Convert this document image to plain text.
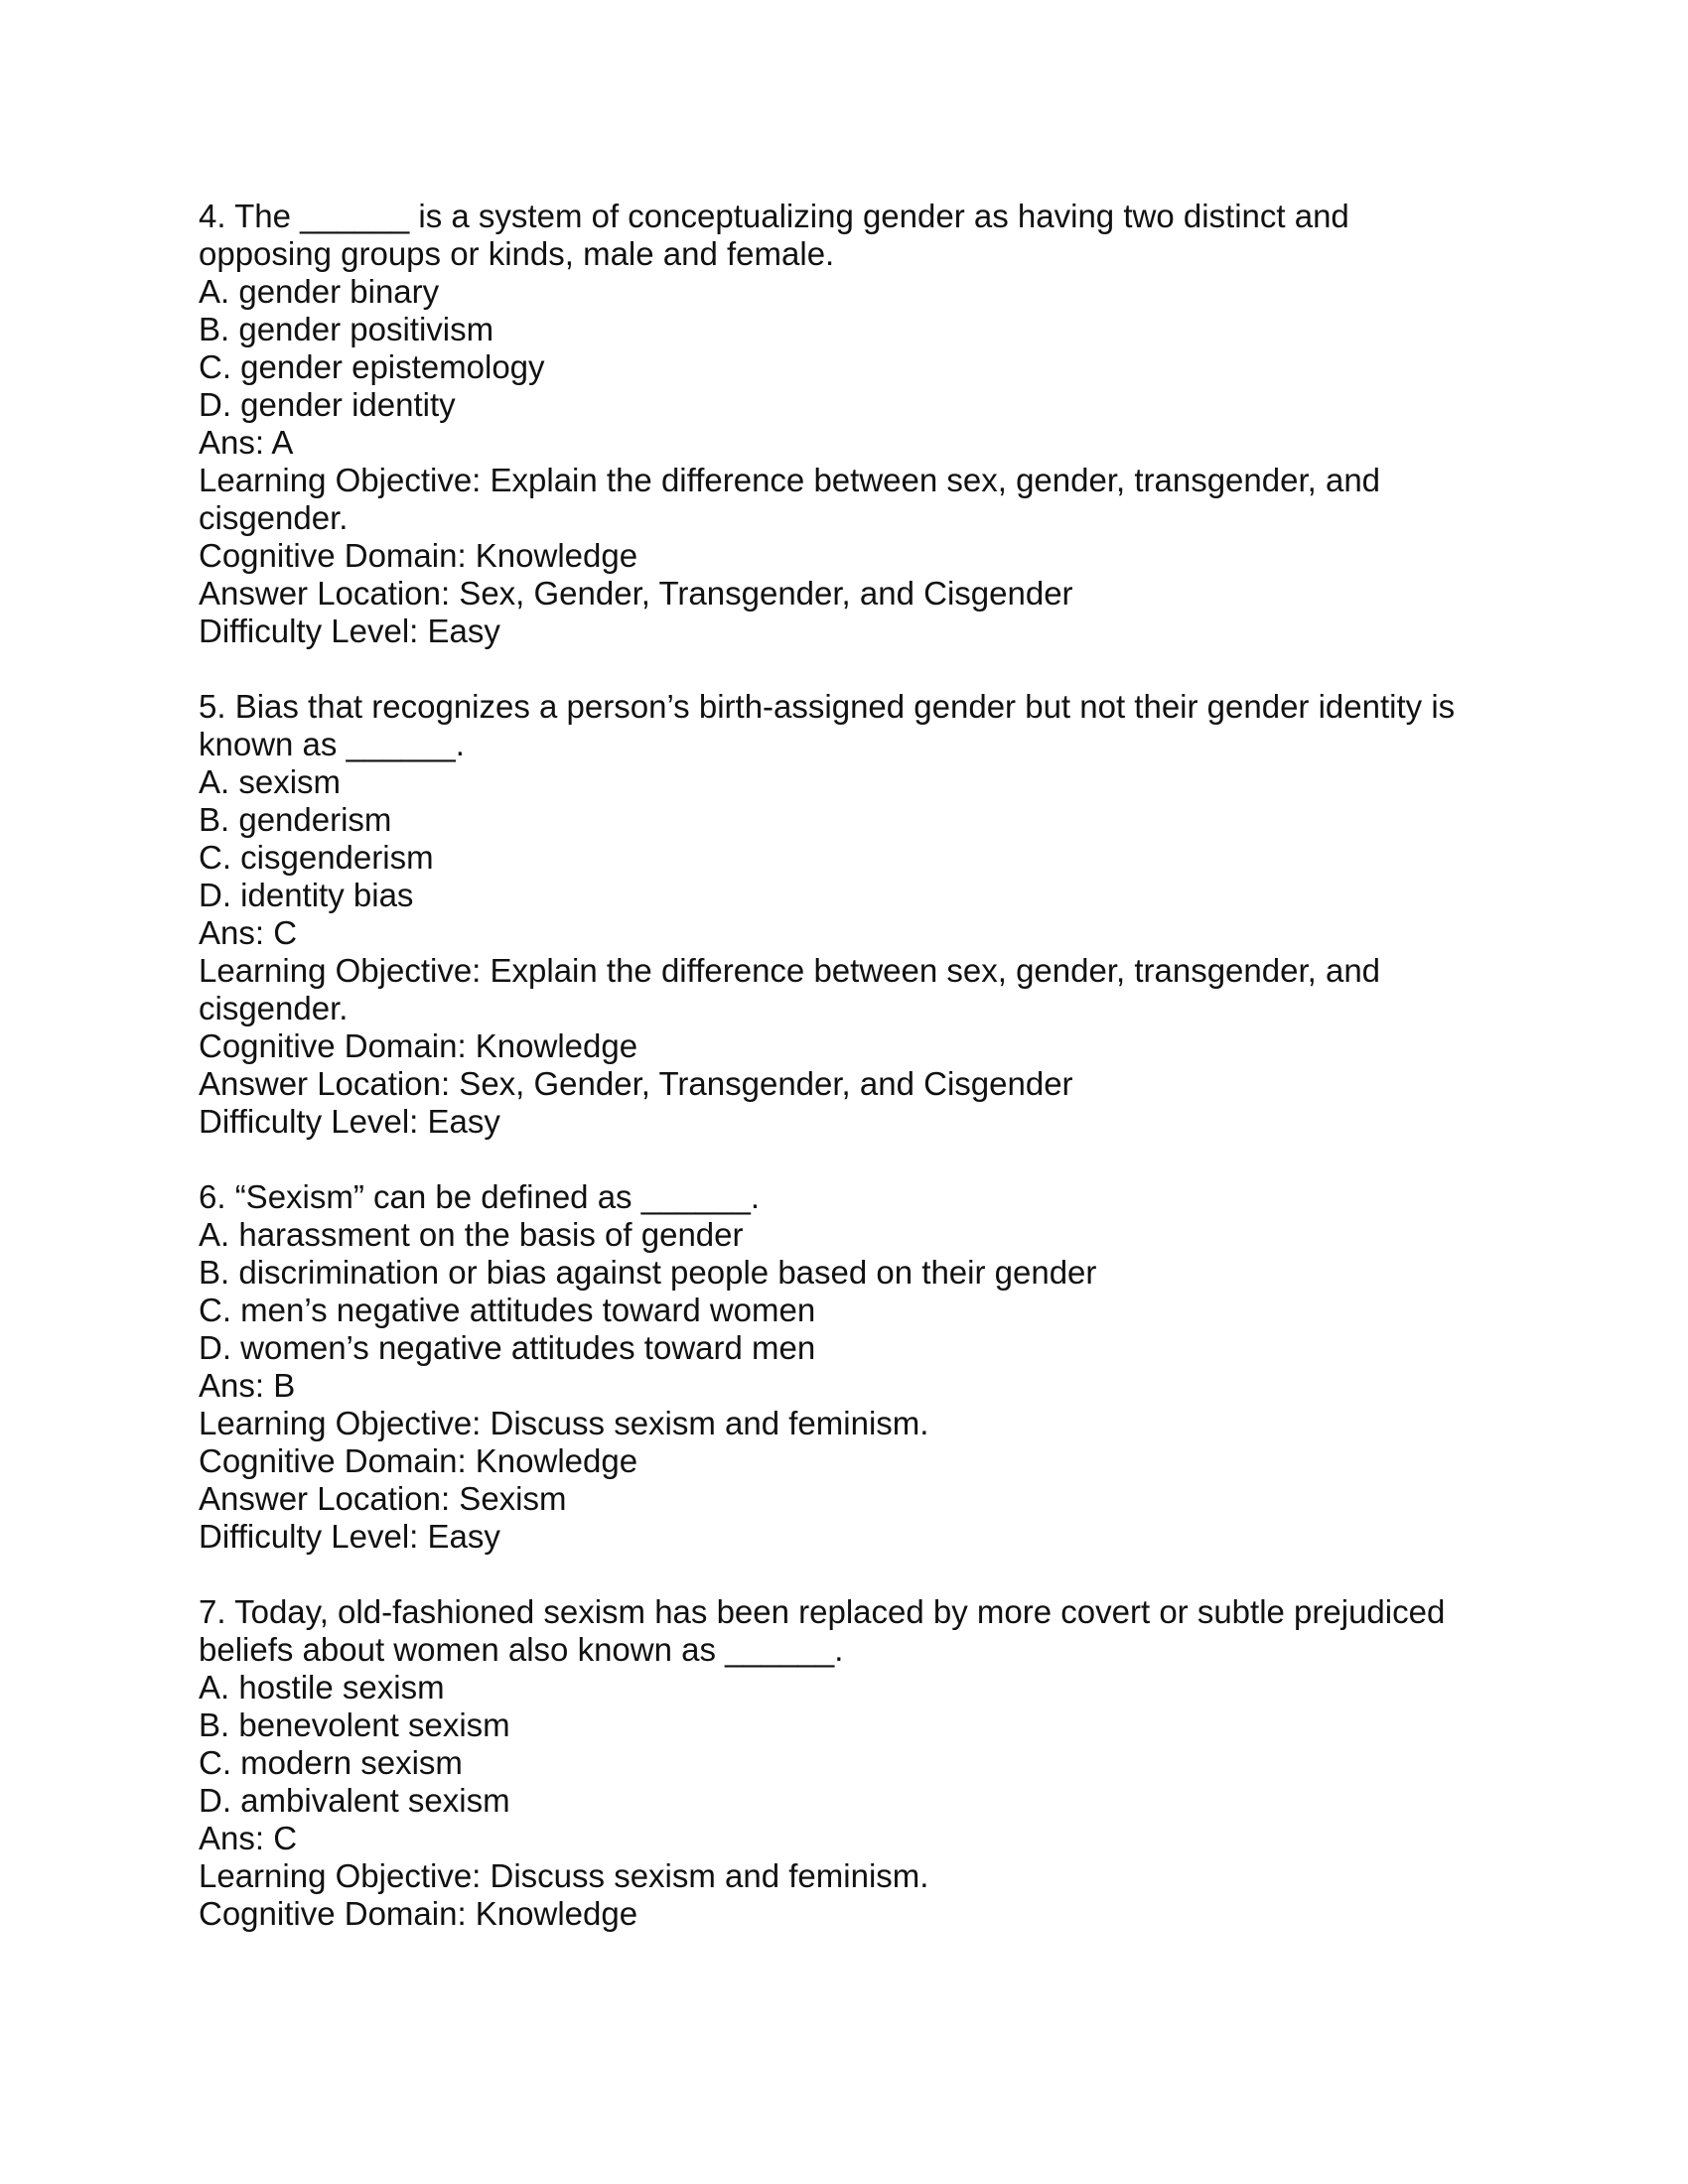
4. The ______ is a system of conceptualizing gender as having two distinct and
opposing groups or kinds, male and female.
A. gender binary
B. gender positivism
C. gender epistemology
D. gender identity
Ans: A
Learning Objective: Explain the difference between sex, gender, transgender, and
cisgender.
Cognitive Domain: Knowledge
Answer Location: Sex, Gender, Transgender, and Cisgender
Difficulty Level: Easy
5. Bias that recognizes a person’s birth-assigned gender but not their gender identity is
known as ______.
A. sexism
B. genderism
C. cisgenderism
D. identity bias
Ans: C
Learning Objective: Explain the difference between sex, gender, transgender, and
cisgender.
Cognitive Domain: Knowledge
Answer Location: Sex, Gender, Transgender, and Cisgender
Difficulty Level: Easy
6. “Sexism” can be defined as ______.
A. harassment on the basis of gender
B. discrimination or bias against people based on their gender
C. men’s negative attitudes toward women
D. women’s negative attitudes toward men
Ans: B
Learning Objective: Discuss sexism and feminism.
Cognitive Domain: Knowledge
Answer Location: Sexism
Difficulty Level: Easy
7. Today, old-fashioned sexism has been replaced by more covert or subtle prejudiced
beliefs about women also known as ______.
A. hostile sexism
B. benevolent sexism
C. modern sexism
D. ambivalent sexism
Ans: C
Learning Objective: Discuss sexism and feminism.
Cognitive Domain: Knowledge
